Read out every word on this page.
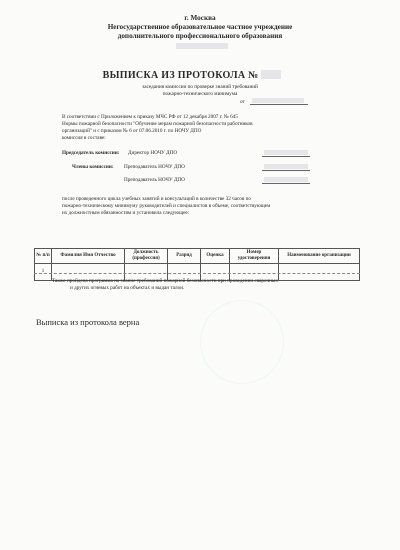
г. Москва
Негосударственное образовательное частное учреждение
дополнительного профессионального образования
ВЫПИСКА ИЗ ПРОТОКОЛА №
заседания комиссии по проверке знаний требований
пожарно-технического минимума
от
В соответствии с Приложением к приказу МЧС РФ от 12 декабря 2007 г. № 645
Нормы пожарной безопасности "Обучение мерам пожарной безопасности работников
организаций" и с приказом № 6 от 07.06.2010 г. по НОЧУ ДПО
комиссия в составе:
Председатель комиссии: Директор НОЧУ ДПО
Члены комиссии: Преподаватель НОЧУ ДПО
Преподаватель НОЧУ ДПО
после проведенного цикла учебных занятий и консультаций в количестве 32 часов по
пожарно-техническому минимуму руководителей и специалистов в объеме, соответствующем
их должностным обязанностям и установила следующее:
№ п/п	Фамилия Имя Отчество	Должность (профессия)	Разряд	Оценка	Номер удостоверения	Наименование организации
1						
Также пройдена программа на знание требований пожарной безопасности при проведении сварочных
и других огневых работ на объектах и выдан талон.
Выписка из протокола верна
